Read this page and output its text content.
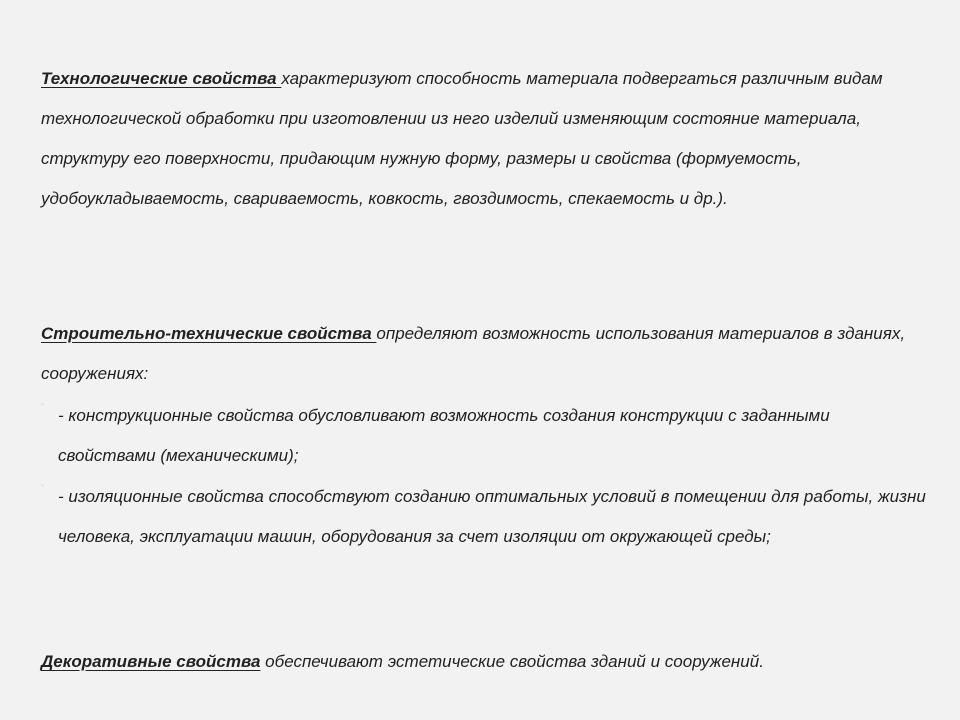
Технологические свойства характеризуют способность материала подвергаться различным видам технологической обработки при изготовлении из него изделий изменяющим состояние материала, структуру его поверхности, придающим нужную форму, размеры и свойства (формуемость, удобоукладываемость, свариваемость, ковкость, гвоздимость, спекаемость и др.).
Строительно-технические свойства определяют возможность использования материалов в зданиях, сооружениях:
▫
- конструкционные свойства обусловливают возможность создания конструкции с заданными свойствами (механическими);
▫
- изоляционные свойства способствуют созданию оптимальных условий в помещении для работы, жизни человека, эксплуатации машин, оборудования за счет изоляции от окружающей среды;
Декоративные свойства обеспечивают эстетические свойства зданий и сооружений.
